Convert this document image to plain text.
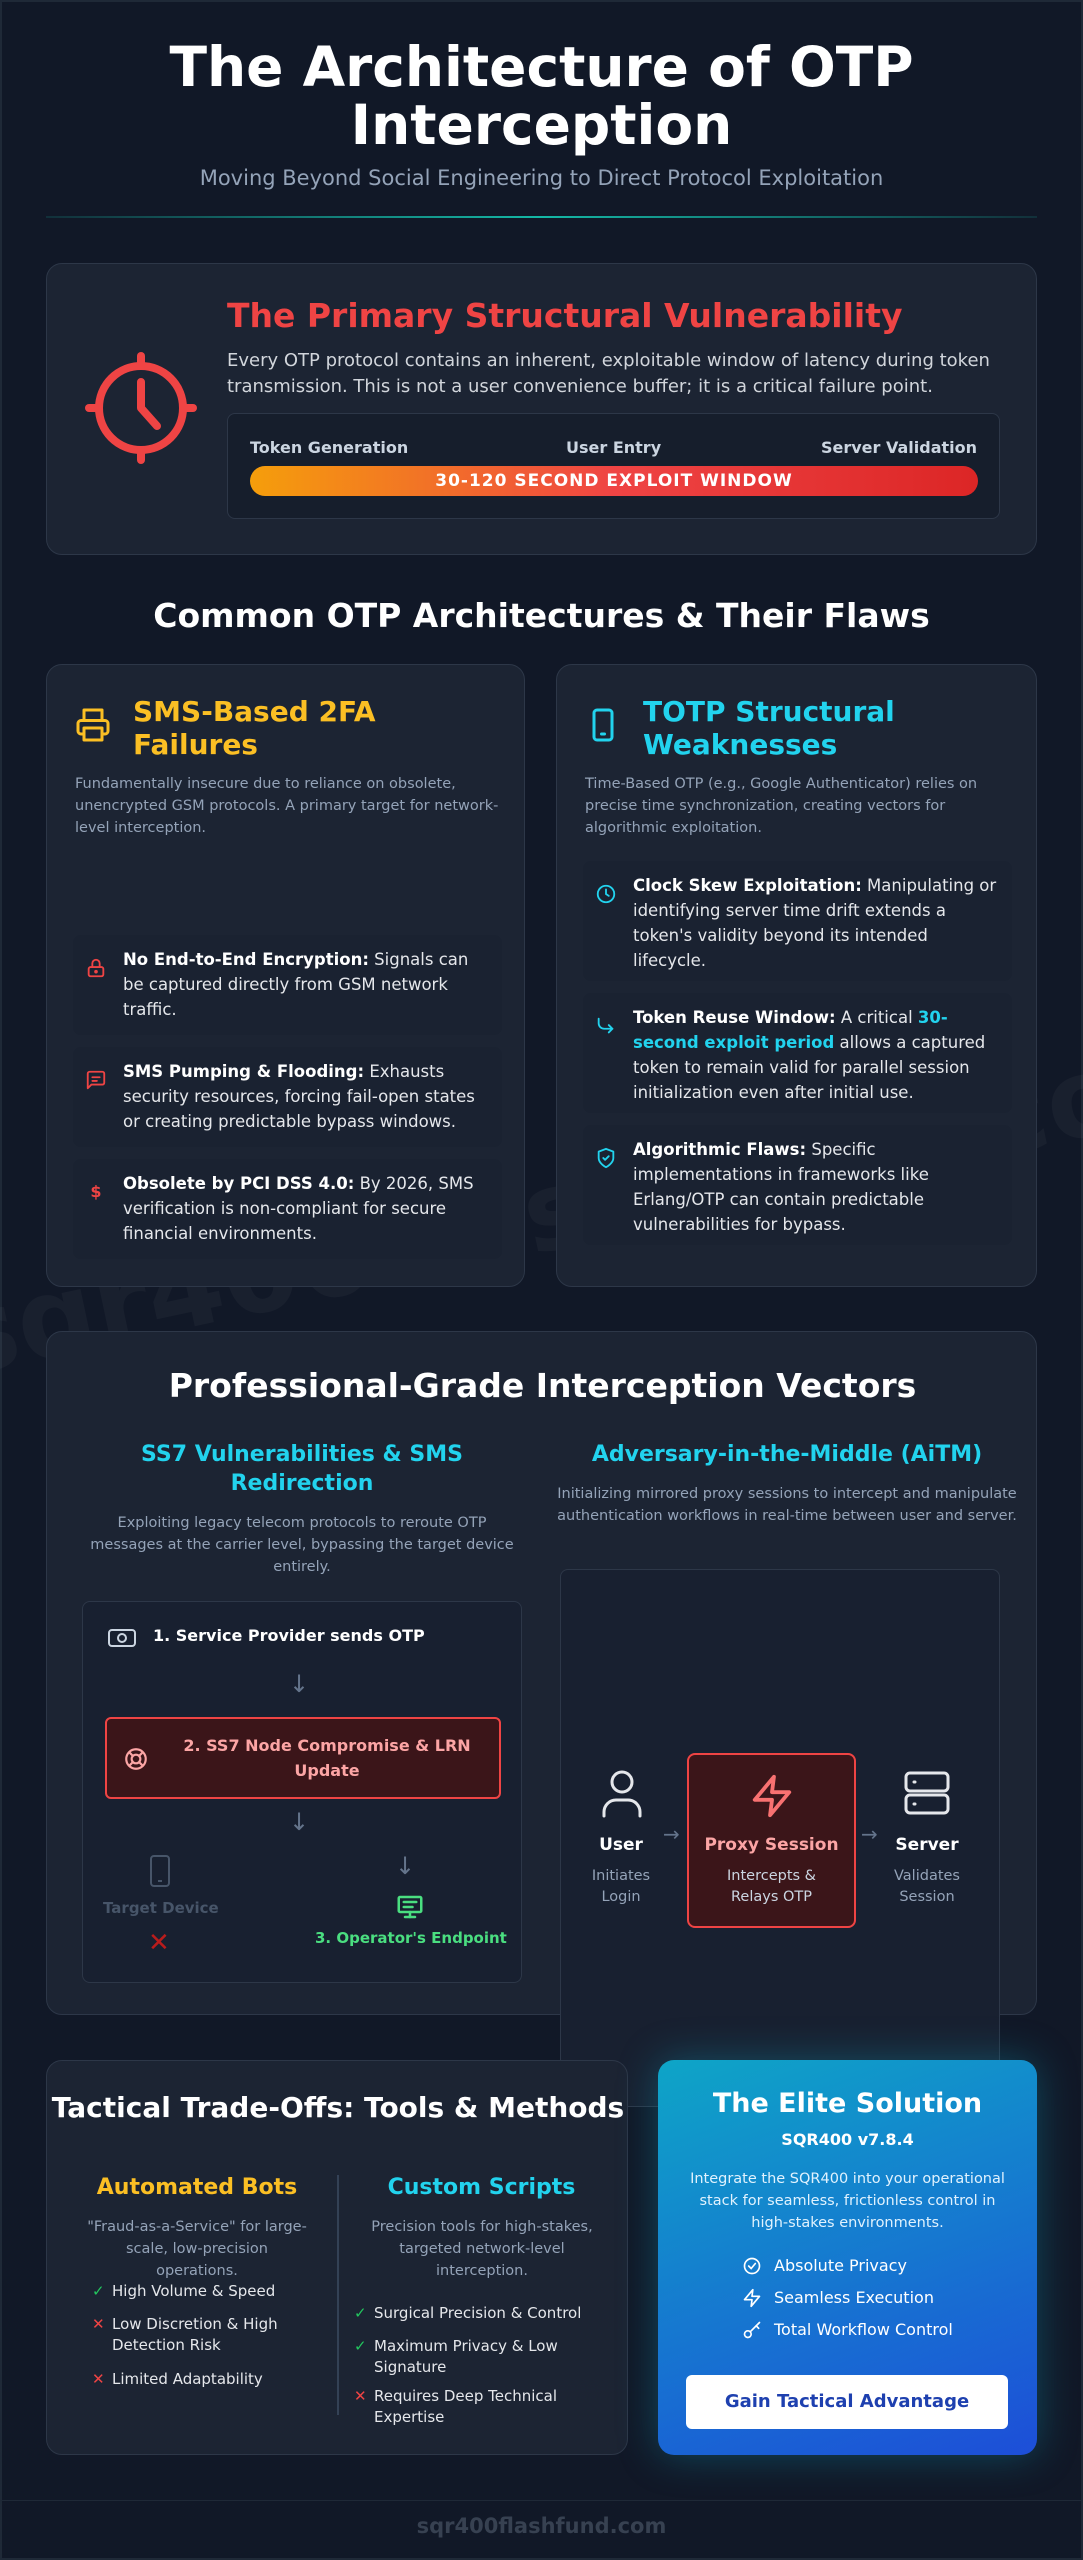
The Architecture of OTP Interception
Moving Beyond Social Engineering to Direct Protocol Exploitation
The Primary Structural Vulnerability
Every OTP protocol contains an inherent, exploitable window of latency during token transmission. This is not a user convenience buffer; it is a critical failure point.
Token Generation	User Entry	Server Validation
30-120 SECOND EXPLOIT WINDOW
Common OTP Architectures & Their Flaws
SMS-Based 2FA Failures
Fundamentally insecure due to reliance on obsolete, unencrypted GSM protocols. A primary target for network-level interception.
No End-to-End Encryption: Signals can be captured directly from GSM network traffic.
SMS Pumping & Flooding: Exhausts security resources, forcing fail-open states or creating predictable bypass windows.
$	Obsolete by PCI DSS 4.0: By 2026, SMS verification is non-compliant for secure financial environments.
TOTP Structural Weaknesses
Time-Based OTP (e.g., Google Authenticator) relies on precise time synchronization, creating vectors for algorithmic exploitation.
Clock Skew Exploitation: Manipulating or identifying server time drift extends a token's validity beyond its intended lifecycle.
Token Reuse Window: A critical 30-second exploit period allows a captured token to remain valid for parallel session initialization even after initial use.
Algorithmic Flaws: Specific implementations in frameworks like Erlang/OTP can contain predictable vulnerabilities for bypass.
Professional-Grade Interception Vectors
SS7 Vulnerabilities & SMS Redirection
Exploiting legacy telecom protocols to reroute OTP messages at the carrier level, bypassing the target device entirely.
Adversary-in-the-Middle (AiTM)
Initializing mirrored proxy sessions to intercept and manipulate authentication workflows in real-time between user and server.
1. Service Provider sends OTP
↓
2. SS7 Node Compromise & LRN Update
↓
Target Device
✕
↓
3. Operator's Endpoint
User
Initiates Login
→	Proxy Session
Intercepts & Relays OTP
→	Server
Validates Session
Tactical Trade-Offs: Tools & Methods
Automated Bots
"Fraud-as-a-Service" for large-scale, low-precision operations.
✓ High Volume & Speed
✕ Low Discretion & High Detection Risk
✕ Limited Adaptability
Custom Scripts
Precision tools for high-stakes, targeted network-level interception.
✓ Surgical Precision & Control
✓ Maximum Privacy & Low Signature
✕ Requires Deep Technical Expertise
The Elite Solution
SQR400 v7.8.4
Integrate the SQR400 into your operational stack for seamless, frictionless control in high-stakes environments.
Absolute Privacy
Seamless Execution
Total Workflow Control
Gain Tactical Advantage
sqr400flashfund.com
